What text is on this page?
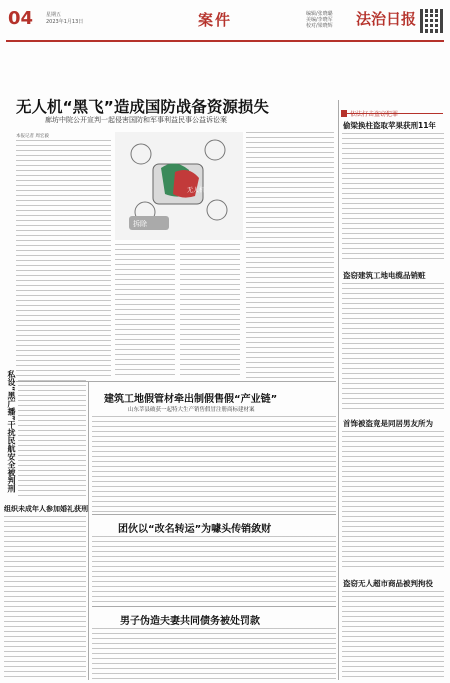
04	星期五
2023年1月13日	案件	编辑/张晓璐
美编/李晓军
校对/梁晓辉 法治日报
无人机“黑飞”造成国防战备资源损失
廊坊中院公开宣判一起侵害国防和军事利益民事公益诉讼案
本报记者 周宏毅
拆除
无人机
依法打击盗窃犯罪
偷梁换柱盗取苹果获刑11年
盗窃建筑工地电缆品销赃
首饰被盗竟是同居男友所为
盗窃无人超市商品被判拘役
私设“黑广播”干扰民航安全被判刑
组织未成年人参加婚礼获刑
建筑工地假管材牵出制假售假“产业链”
山东莘县破获一起特大生产销售假冒注册商标建材案
团伙以“改名转运”为噱头传销敛财
男子伪造夫妻共同债务被处罚款
